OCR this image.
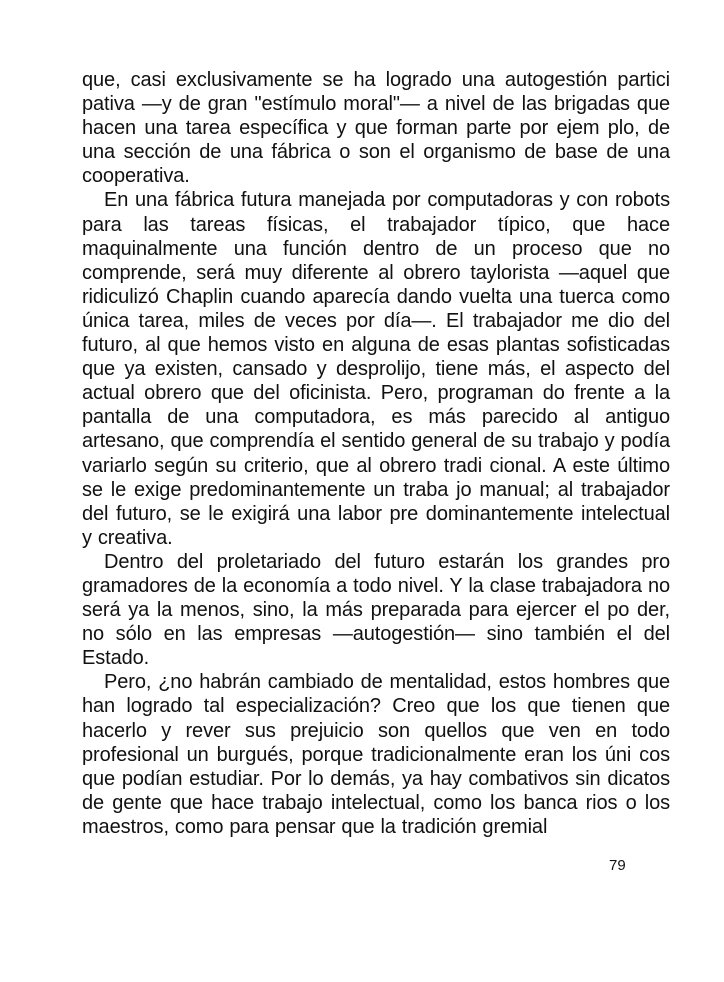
que, casi exclusivamente se ha logrado una autogestión partici pativa —y de gran "estímulo moral"— a nivel de las brigadas que hacen una tarea específica y que forman parte por ejem plo, de una sección de una fábrica o son el organismo de base de una cooperativa.

En una fábrica futura manejada por computadoras y con robots para las tareas físicas, el trabajador típico, que hace maquinalmente una función dentro de un proceso que no comprende, será muy diferente al obrero taylorista —aquel que ridiculizó Chaplin cuando aparecía dando vuelta una tuerca como única tarea, miles de veces por día—. El trabajador me dio del futuro, al que hemos visto en alguna de esas plantas sofisticadas que ya existen, cansado y desprolijo, tiene más, el aspecto del actual obrero que del oficinista. Pero, programan do frente a la pantalla de una computadora, es más parecido al antiguo artesano, que comprendía el sentido general de su trabajo y podía variarlo según su criterio, que al obrero tradi cional. A este último se le exige predominantemente un traba jo manual; al trabajador del futuro, se le exigirá una labor pre dominantemente intelectual y creativa.

Dentro del proletariado del futuro estarán los grandes pro gramadores de la economía a todo nivel. Y la clase trabajadora no será ya la menos, sino, la más preparada para ejercer el po der, no sólo en las empresas —autogestión— sino también el del Estado.

Pero, ¿no habrán cambiado de mentalidad, estos hombres que han logrado tal especialización? Creo que los que tienen que hacerlo y rever sus prejuicio son quellos que ven en todo profesional un burgués, porque tradicionalmente eran los úni cos que podían estudiar. Por lo demás, ya hay combativos sin dicatos de gente que hace trabajo intelectual, como los banca rios o los maestros, como para pensar que la tradición gremial

79
